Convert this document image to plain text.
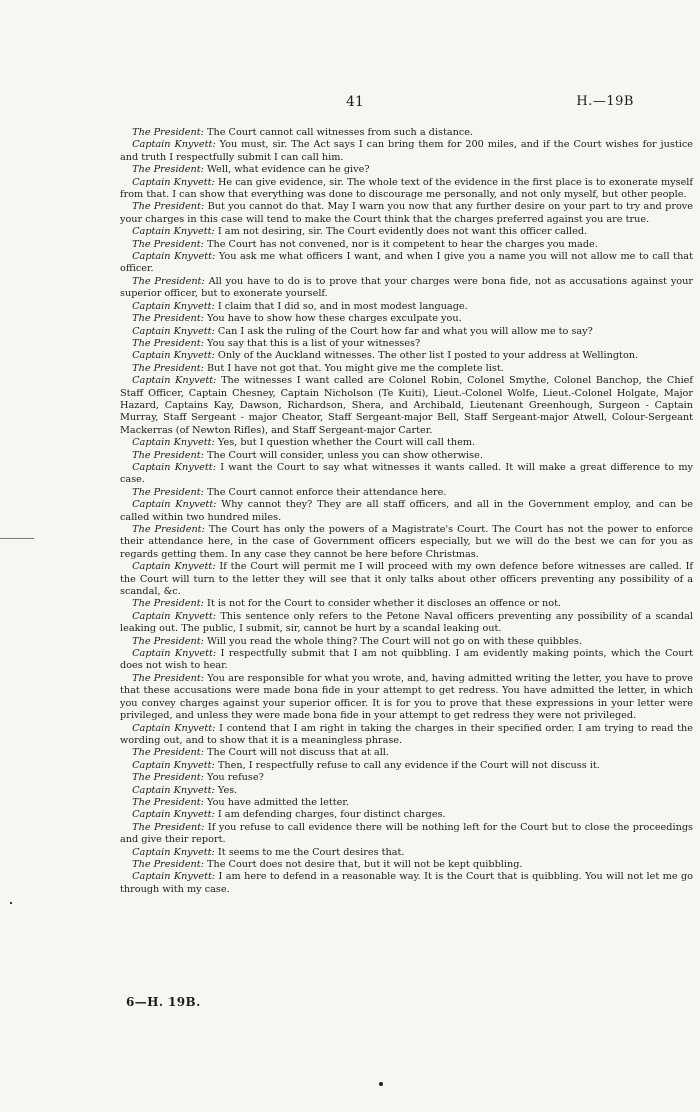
41	H.—19B

The President: The Court cannot call witnesses from such a distance.

Captain Knyvett: You must, sir. The Act says I can bring them for 200 miles, and if the Court wishes for justice and truth I respectfully submit I can call him.

The President: Well, what evidence can he give?

Captain Knyvett: He can give evidence, sir. The whole text of the evidence in the first place is to exonerate myself from that. I can show that everything was done to discourage me personally, and not only myself, but other people.

The President: But you cannot do that. May I warn you now that any further desire on your part to try and prove your charges in this case will tend to make the Court think that the charges preferred against you are true.

Captain Knyvett: I am not desiring, sir. The Court evidently does not want this officer called.

The President: The Court has not convened, nor is it competent to hear the charges you made.

Captain Knyvett: You ask me what officers I want, and when I give you a name you will not allow me to call that officer.

The President: All you have to do is to prove that your charges were bona fide, not as accusations against your superior officer, but to exonerate yourself.

Captain Knyvett: I claim that I did so, and in most modest language.

The President: You have to show how these charges exculpate you.

Captain Knyvett: Can I ask the ruling of the Court how far and what you will allow me to say?

The President: You say that this is a list of your witnesses?

Captain Knyvett: Only of the Auckland witnesses. The other list I posted to your address at Wellington.

The President: But I have not got that. You might give me the complete list.

Captain Knyvett: The witnesses I want called are Colonel Robin, Colonel Smythe, Colonel Banchop, the Chief Staff Officer, Captain Chesney, Captain Nicholson (Te Kuiti), Lieut.-Colonel Wolfe, Lieut.-Colonel Holgate, Major Hazard, Captains Kay, Dawson, Richardson, Shera, and Archibald, Lieutenant Greenhough, Surgeon - Captain Murray, Staff Sergeant - major Cheator, Staff Sergeant-major Bell, Staff Sergeant-major Atwell, Colour-Sergeant Mackerras (of Newton Rifles), and Staff Sergeant-major Carter.

Captain Knyvett: Yes, but I question whether the Court will call them.

The President: The Court will consider, unless you can show otherwise.

Captain Knyvett: I want the Court to say what witnesses it wants called. It will make a great difference to my case.

The President: The Court cannot enforce their attendance here.

Captain Knyvett: Why cannot they? They are all staff officers, and all in the Government employ, and can be called within two hundred miles.

The President: The Court has only the powers of a Magistrate's Court. The Court has not the power to enforce their attendance here, in the case of Government officers especially, but we will do the best we can for you as regards getting them. In any case they cannot be here before Christmas.

Captain Knyvett: If the Court will permit me I will proceed with my own defence before witnesses are called. If the Court will turn to the letter they will see that it only talks about other officers preventing any possibility of a scandal, &c.

The President: It is not for the Court to consider whether it discloses an offence or not.

Captain Knyvett: This sentence only refers to the Petone Naval officers preventing any possibility of a scandal leaking out. The public, I submit, sir, cannot be hurt by a scandal leaking out.

The President: Will you read the whole thing? The Court will not go on with these quibbles.

Captain Knyvett: I respectfully submit that I am not quibbling. I am evidently making points, which the Court does not wish to hear.

The President: You are responsible for what you wrote, and, having admitted writing the letter, you have to prove that these accusations were made bona fide in your attempt to get redress. You have admitted the letter, in which you convey charges against your superior officer. It is for you to prove that these expressions in your letter were privileged, and unless they were made bona fide in your attempt to get redress they were not privileged.

Captain Knyvett: I contend that I am right in taking the charges in their specified order. I am trying to read the wording out, and to show that it is a meaningless phrase.

The President: The Court will not discuss that at all.

Captain Knyvett: Then, I respectfully refuse to call any evidence if the Court will not discuss it.

The President: You refuse?

Captain Knyvett: Yes.

The President: You have admitted the letter.

Captain Knyvett: I am defending charges, four distinct charges.

The President: If you refuse to call evidence there will be nothing left for the Court but to close the proceedings and give their report.

Captain Knyvett: It seems to me the Court desires that.

The President: The Court does not desire that, but it will not be kept quibbling.

Captain Knyvett: I am here to defend in a reasonable way. It is the Court that is quibbling. You will not let me go through with my case.

6—H. 19B.
